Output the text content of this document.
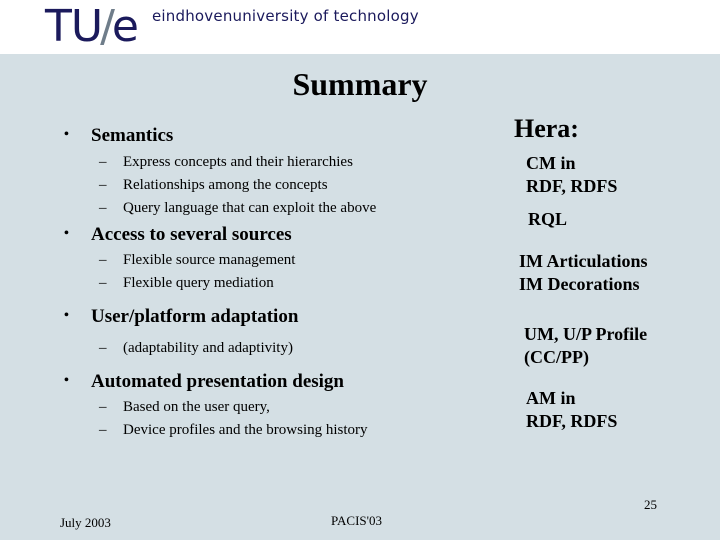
TU/e eindhovenuniversity of technology
Summary
• Semantics
– Express concepts and their hierarchies
– Relationships among the concepts
– Query language that can exploit the above
• Access to several sources
– Flexible source management
– Flexible query mediation
• User/platform adaptation
– (adaptability and adaptivity)
• Automated presentation design
– Based on the user query,
– Device profiles and the browsing history
Hera:
CM in
RDF, RDFS
RQL
IM Articulations
IM Decorations
UM, U/P Profile
(CC/PP)
AM in
RDF, RDFS
July 2003	PACIS'03
25
